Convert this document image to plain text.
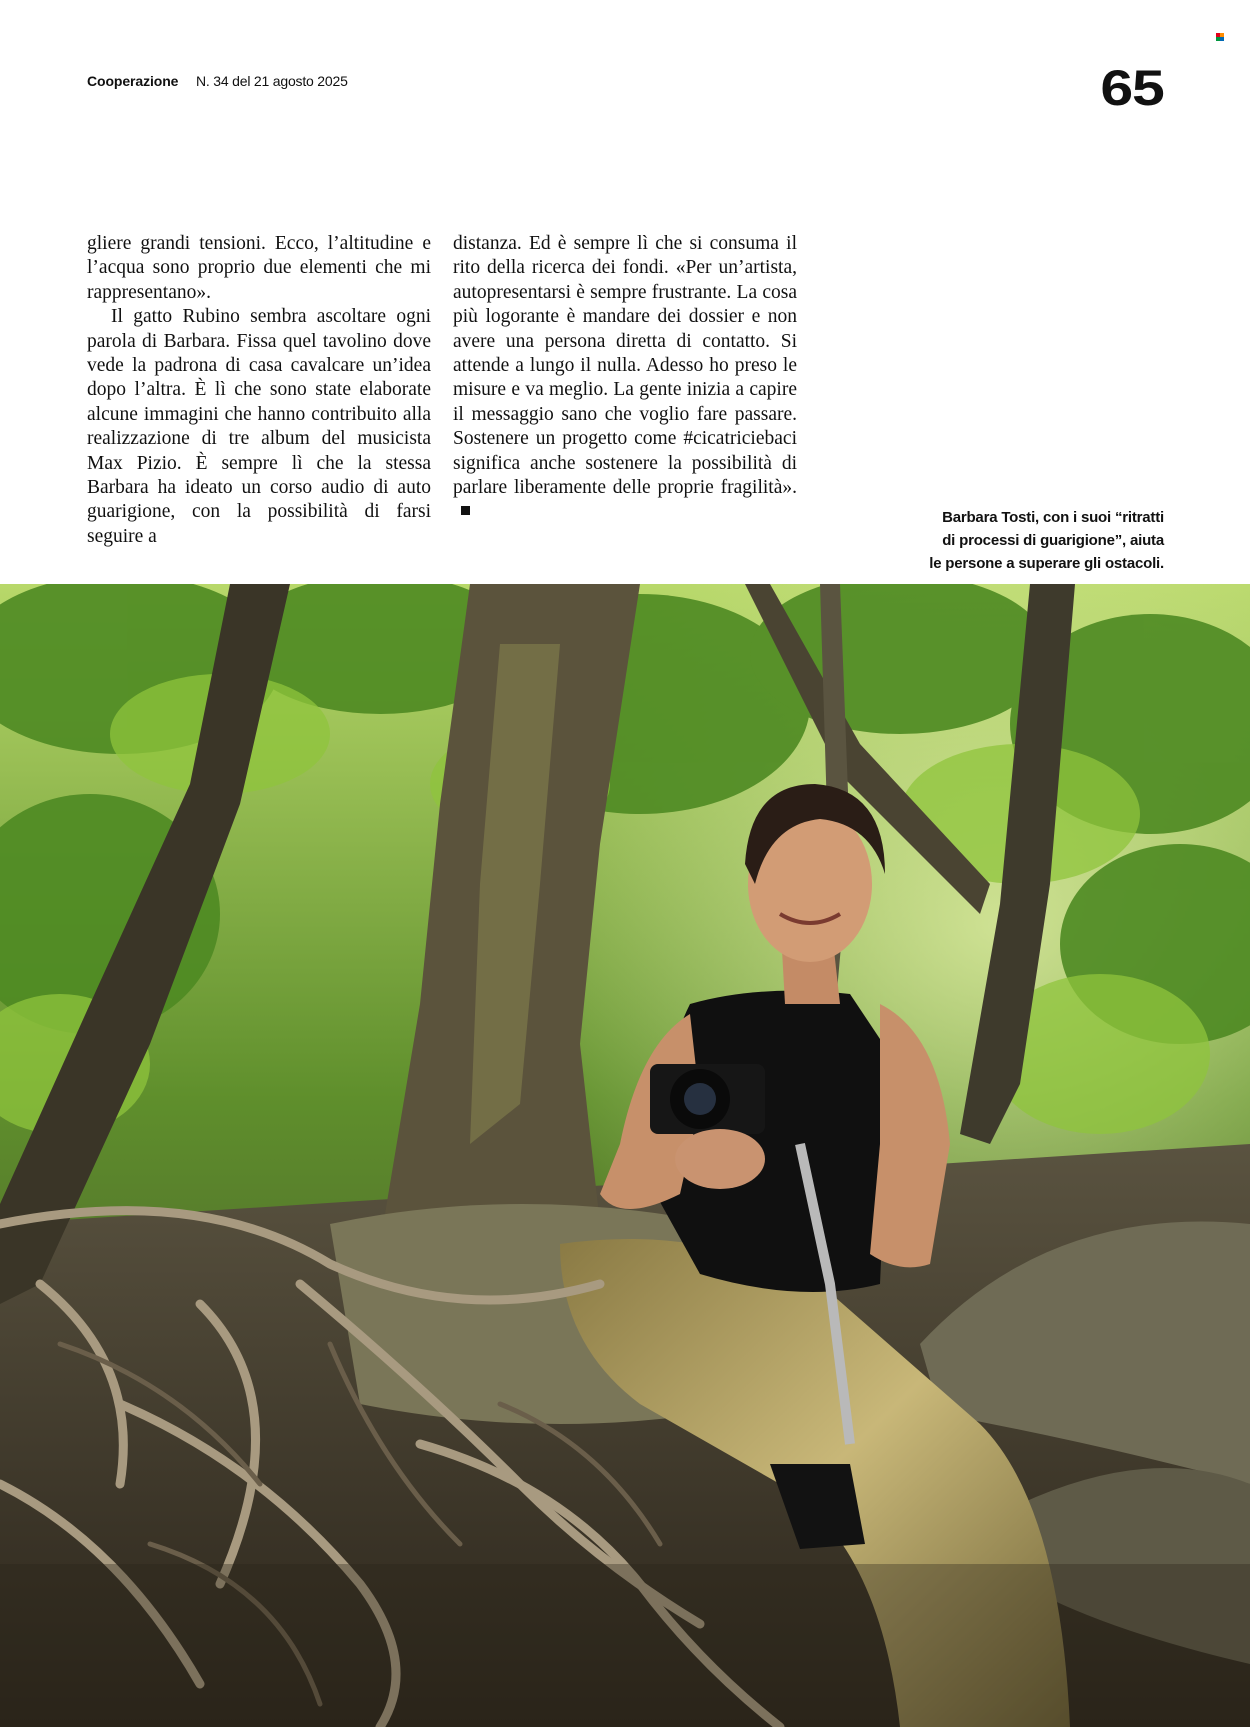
Cooperazione N. 34 del 21 agosto 2025	65

gliere grandi tensioni. Ecco, l’altitudine e l’acqua sono proprio due elementi che mi rappresentano».

Il gatto Rubino sembra ascoltare ogni parola di Barbara. Fissa quel tavolino dove vede la padrona di casa cavalcare un’idea dopo l’altra. È lì che sono state elaborate alcune immagini che hanno contribuito alla realizzazione di tre album del musicista Max Pizio. È sempre lì che la stessa Barbara ha ideato un corso audio di auto guarigione, con la possibilità di farsi seguire a

distanza. Ed è sempre lì che si consuma il rito della ricerca dei fondi. «Per un’artista, autopresentarsi è sempre frustrante. La cosa più logorante è mandare dei dossier e non avere una persona diretta di contatto. Si attende a lungo il nulla. Adesso ho preso le misure e va meglio. La gente inizia a capire il messaggio sano che voglio fare passare. Sostenere un progetto come #cicatriciebaci significa anche sostenere la possibilità di parlare liberamente delle proprie fragilità».

Barbara Tosti, con i suoi “ritratti
di processi di guarigione”, aiuta
le persone a superare gli ostacoli.
